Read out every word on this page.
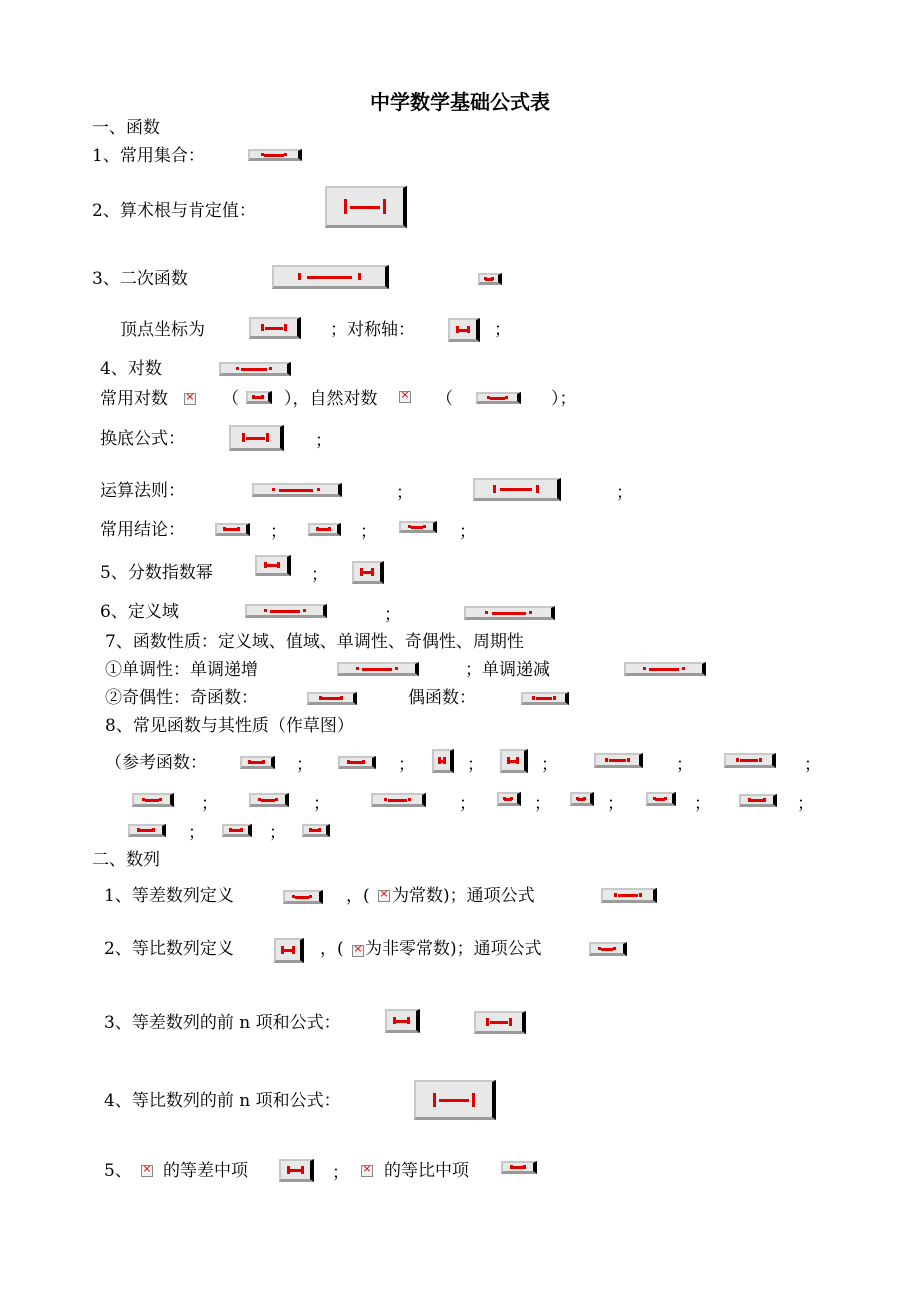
中学数学基础公式表
一、函数
1、常用集合：
2、算术根与肯定值：
3、二次函数
顶点坐标为	；对称轴：	；
4、对数
常用对数 ×	（	），自然对数 ×	（	）；
换底公式：	；
运算法则：	；	；
常用结论：	；	；	；
5、分数指数幂	；
6、定义域	；
7、函数性质：定义域、值域、单调性、奇偶性、周期性
①单调性：单调递增	；单调递减
②奇偶性：奇函数：	偶函数：
8、常见函数与其性质（作草图）
（参考函数：	；	；	；	；	；	；
；	；	；	；	；	；	；
；	；
二、数列
1、等差数列定义	，( × 为常数)；通项公式
2、等比数列定义	，( × 为非零常数)；通项公式
3、等差数列的前 n 项和公式：
4、等比数列的前 n 项和公式：
5、 × 的等差中项	； × 的等比中项
